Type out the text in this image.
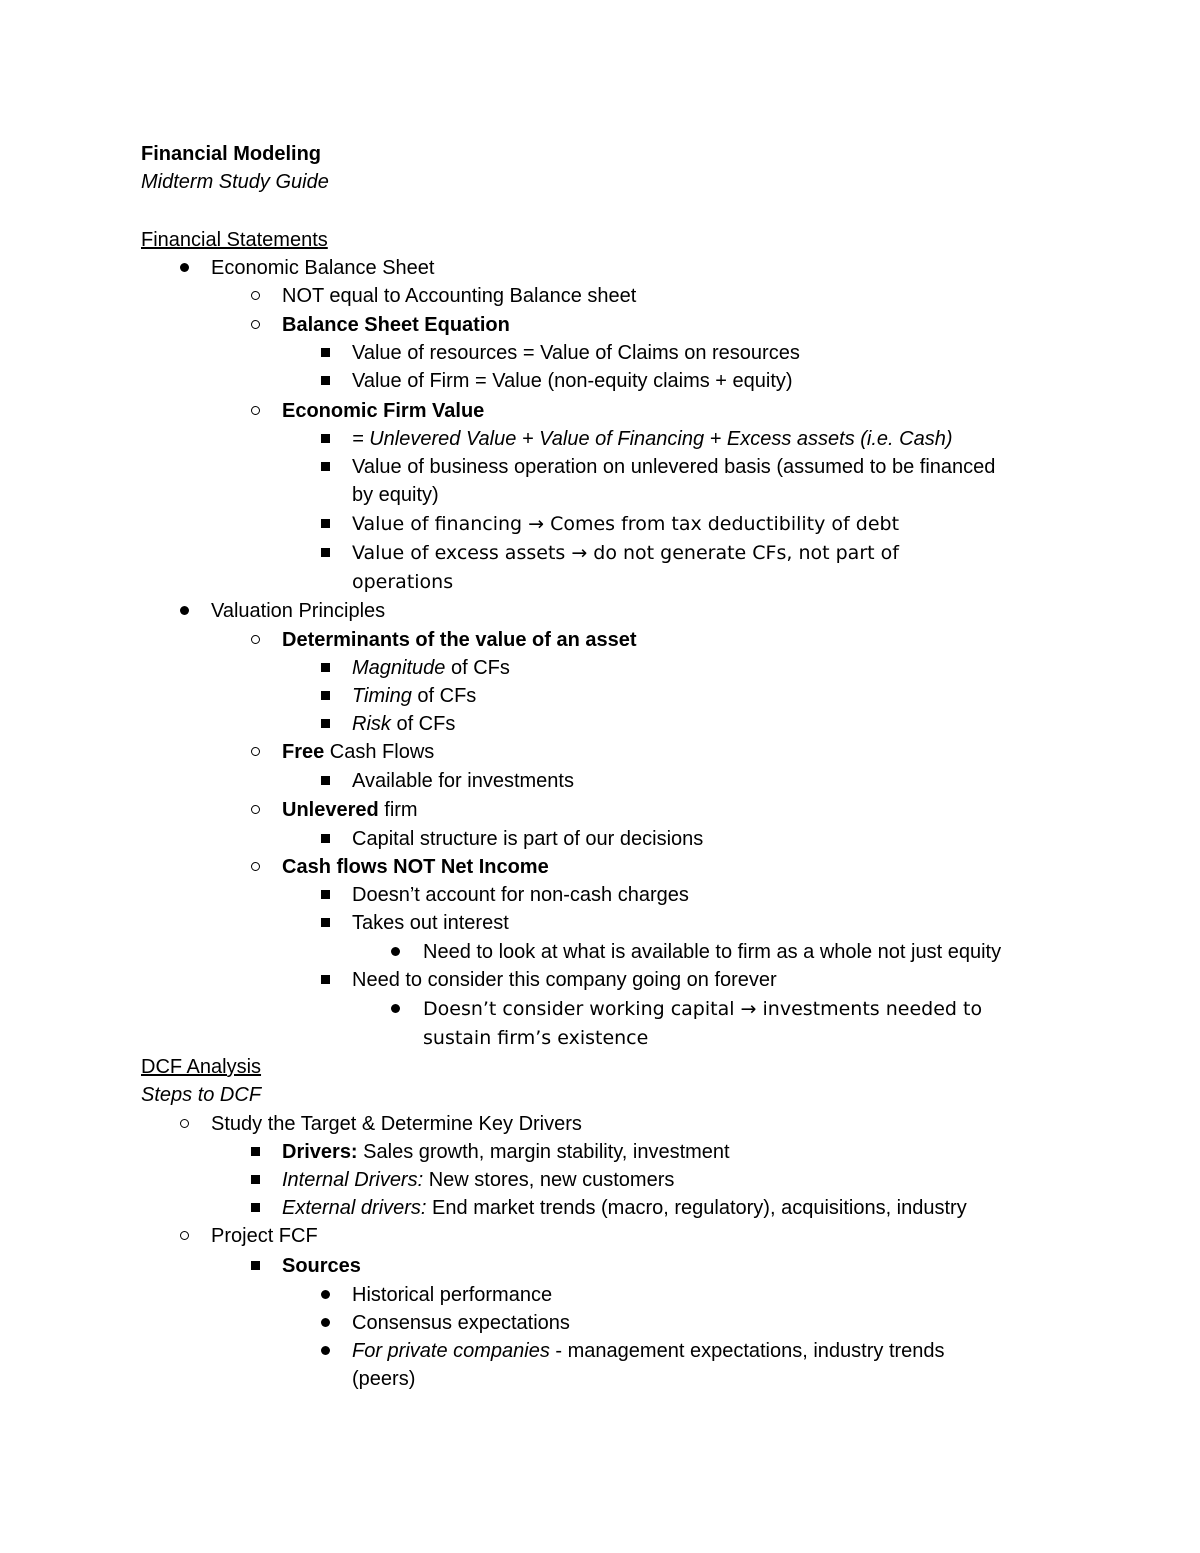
Financial Modeling
Midterm Study Guide
Financial Statements
Economic Balance Sheet
NOT equal to Accounting Balance sheet
Balance Sheet Equation
Value of resources = Value of Claims on resources
Value of Firm = Value (non-equity claims + equity)
Economic Firm Value
= Unlevered Value + Value of Financing + Excess assets (i.e. Cash)
Value of business operation on unlevered basis (assumed to be financed
by equity)
Value of financing → Comes from tax deductibility of debt
Value of excess assets → do not generate CFs, not part of
operations
Valuation Principles
Determinants of the value of an asset
Magnitude of CFs
Timing of CFs
Risk of CFs
Free Cash Flows
Available for investments
Unlevered firm
Capital structure is part of our decisions
Cash flows NOT Net Income
Doesn’t account for non-cash charges
Takes out interest
Need to look at what is available to firm as a whole not just equity
Need to consider this company going on forever
Doesn’t consider working capital → investments needed to
sustain firm’s existence
DCF Analysis
Steps to DCF
Study the Target & Determine Key Drivers
Drivers: Sales growth, margin stability, investment
Internal Drivers: New stores, new customers
External drivers: End market trends (macro, regulatory), acquisitions, industry
Project FCF
Sources
Historical performance
Consensus expectations
For private companies - management expectations, industry trends
(peers)
